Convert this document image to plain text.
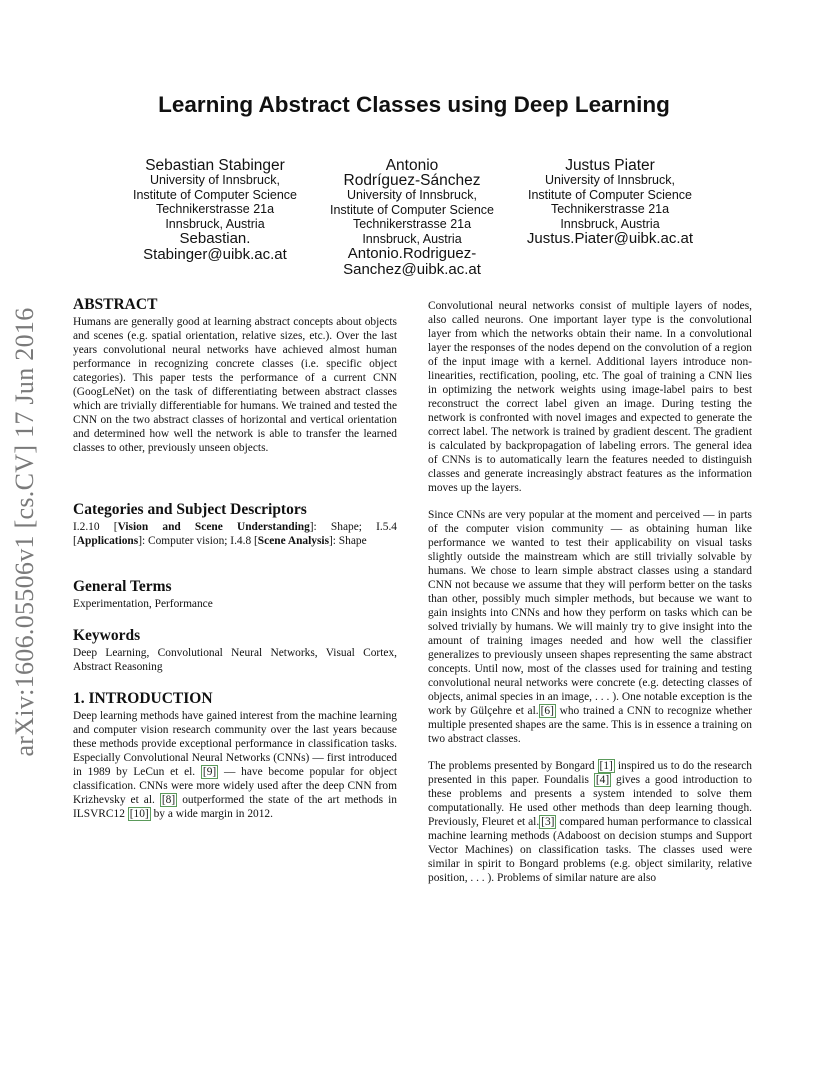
arXiv:1606.05506v1 [cs.CV] 17 Jun 2016
Learning Abstract Classes using Deep Learning
Sebastian Stabinger
University of Innsbruck,
Institute of Computer Science
Technikerstrasse 21a
Innsbruck, Austria
Sebastian.
Stabinger@uibk.ac.at
Antonio
Rodríguez-Sánchez
University of Innsbruck,
Institute of Computer Science
Technikerstrasse 21a
Innsbruck, Austria
Antonio.Rodriguez-
Sanchez@uibk.ac.at
Justus Piater
University of Innsbruck,
Institute of Computer Science
Technikerstrasse 21a
Innsbruck, Austria
Justus.Piater@uibk.ac.at
ABSTRACT

Humans are generally good at learning abstract concepts about objects and scenes (e.g. spatial orientation, relative sizes, etc.). Over the last years convolutional neural networks have achieved almost human performance in recognizing concrete classes (i.e. specific object categories). This paper tests the performance of a current CNN (GoogLeNet) on the task of differentiating between abstract classes which are trivially differentiable for humans. We trained and tested the CNN on the two abstract classes of horizontal and vertical orientation and determined how well the network is able to transfer the learned classes to other, previously unseen objects.

Categories and Subject Descriptors

I.2.10 [Vision and Scene Understanding]: Shape; I.5.4 [Applications]: Computer vision; I.4.8 [Scene Analysis]: Shape

General Terms

Experimentation, Performance

Keywords

Deep Learning, Convolutional Neural Networks, Visual Cortex, Abstract Reasoning

1. INTRODUCTION

Deep learning methods have gained interest from the machine learning and computer vision research community over the last years because these methods provide exceptional performance in classification tasks. Especially Convolutional Neural Networks (CNNs) — first introduced in 1989 by LeCun et el. [9] — have become popular for object classification. CNNs were more widely used after the deep CNN from Krizhevsky et al. [8] outperformed the state of the art methods in ILSVRC12 [10] by a wide margin in 2012.

Convolutional neural networks consist of multiple layers of nodes, also called neurons. One important layer type is the convolutional layer from which the networks obtain their name. In a convolutional layer the responses of the nodes depend on the convolution of a region of the input image with a kernel. Additional layers introduce non-linearities, rectification, pooling, etc. The goal of training a CNN lies in optimizing the network weights using image-label pairs to best reconstruct the correct label given an image. During testing the network is confronted with novel images and expected to generate the correct label. The network is trained by gradient descent. The gradient is calculated by backpropagation of labeling errors. The general idea of CNNs is to automatically learn the features needed to distinguish classes and generate increasingly abstract features as the information moves up the layers.

Since CNNs are very popular at the moment and perceived — in parts of the computer vision community — as obtaining human like performance we wanted to test their applicability on visual tasks slightly outside the mainstream which are still trivially solvable by humans. We chose to learn simple abstract classes using a standard CNN not because we assume that they will perform better on the tasks than other, possibly much simpler methods, but because we want to gain insights into CNNs and how they perform on tasks which can be solved trivially by humans. We will mainly try to give insight into the amount of training images needed and how well the classifier generalizes to previously unseen shapes representing the same abstract concepts. Until now, most of the classes used for training and testing convolutional neural networks were concrete (e.g. detecting classes of objects, animal species in an image, . . . ). One notable exception is the work by Gülçehre et al. [6] who trained a CNN to recognize whether multiple presented shapes are the same. This is in essence a training on two abstract classes.

The problems presented by Bongard [1] inspired us to do the research presented in this paper. Foundalis [4] gives a good introduction to these problems and presents a system intended to solve them computationally. He used other methods than deep learning though. Previously, Fleuret et al. [3] compared human performance to classical machine learning methods (Adaboost on decision stumps and Support Vector Machines) on classification tasks. The classes used were similar in spirit to Bongard problems (e.g. object similarity, relative position, . . . ). Problems of similar nature are also
